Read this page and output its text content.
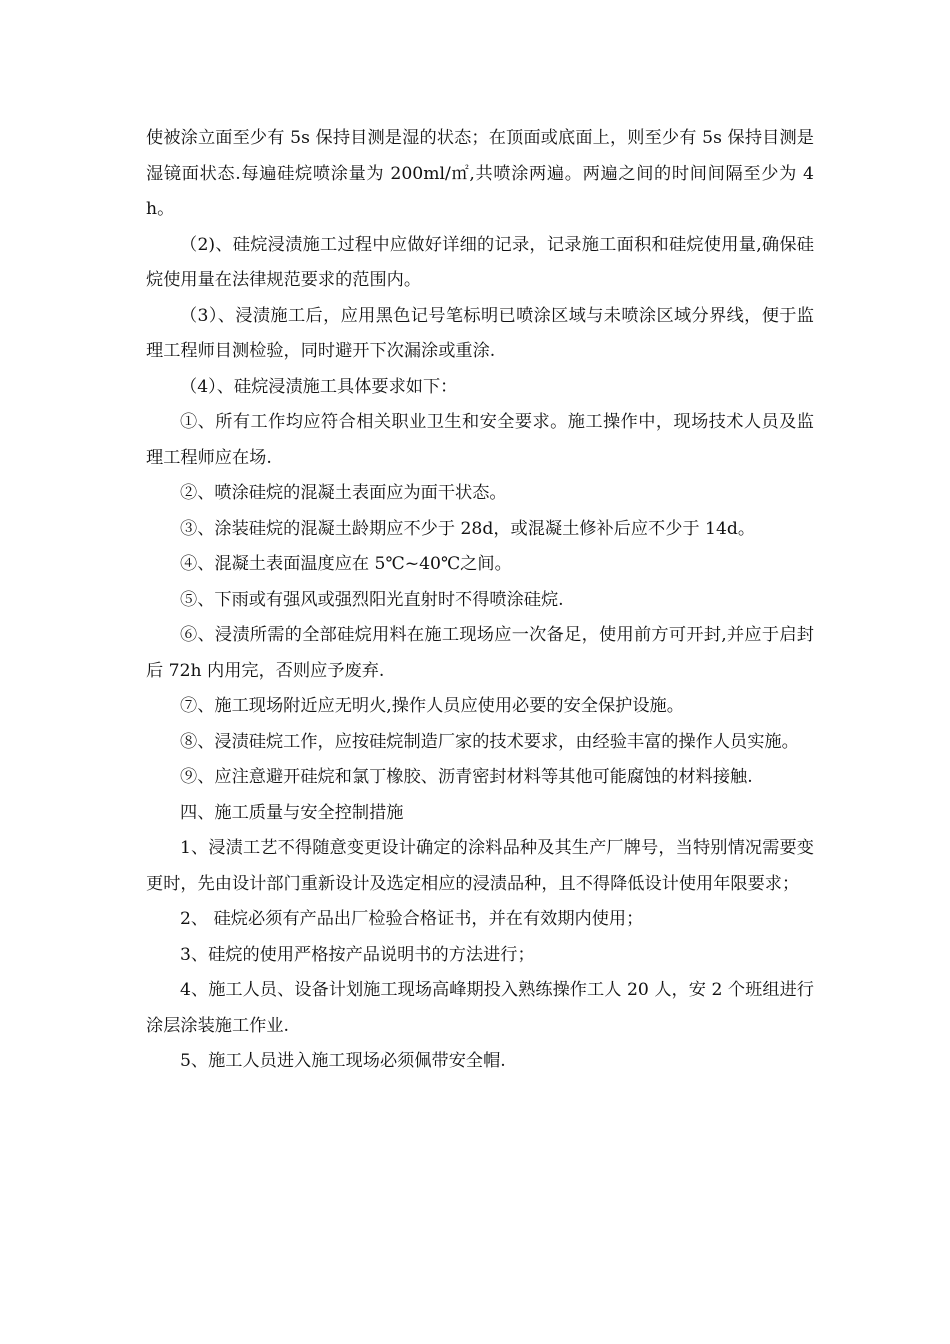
使被涂立面至少有 5s 保持目测是湿的状态；在顶面或底面上，则至少有 5s 保持目测是湿镜面状态.每遍硅烷喷涂量为 200ml/㎡,共喷涂两遍。两遍之间的时间间隔至少为 4h。

（2)、硅烷浸渍施工过程中应做好详细的记录，记录施工面积和硅烷使用量,确保硅烷使用量在法律规范要求的范围内。

（3）、浸渍施工后，应用黑色记号笔标明已喷涂区域与未喷涂区域分界线，便于监理工程师目测检验，同时避开下次漏涂或重涂.

（4）、硅烷浸渍施工具体要求如下：

①、所有工作均应符合相关职业卫生和安全要求。施工操作中，现场技术人员及监理工程师应在场.

②、喷涂硅烷的混凝土表面应为面干状态。

③、涂装硅烷的混凝土龄期应不少于 28d，或混凝土修补后应不少于 14d。

④、混凝土表面温度应在 5℃~40℃之间。

⑤、下雨或有强风或强烈阳光直射时不得喷涂硅烷.

⑥、浸渍所需的全部硅烷用料在施工现场应一次备足，使用前方可开封,并应于启封后 72h 内用完，否则应予废弃.

⑦、施工现场附近应无明火,操作人员应使用必要的安全保护设施。

⑧、浸渍硅烷工作，应按硅烷制造厂家的技术要求，由经验丰富的操作人员实施。

⑨、应注意避开硅烷和氯丁橡胶、沥青密封材料等其他可能腐蚀的材料接触.

四、施工质量与安全控制措施

1、浸渍工艺不得随意变更设计确定的涂料品种及其生产厂牌号，当特别情况需要变更时，先由设计部门重新设计及选定相应的浸渍品种，且不得降低设计使用年限要求；

2、 硅烷必须有产品出厂检验合格证书，并在有效期内使用；

3、硅烷的使用严格按产品说明书的方法进行；

4、施工人员、设备计划施工现场高峰期投入熟练操作工人 20 人，安 2 个班组进行涂层涂装施工作业.

5、施工人员进入施工现场必须佩带安全帽.
